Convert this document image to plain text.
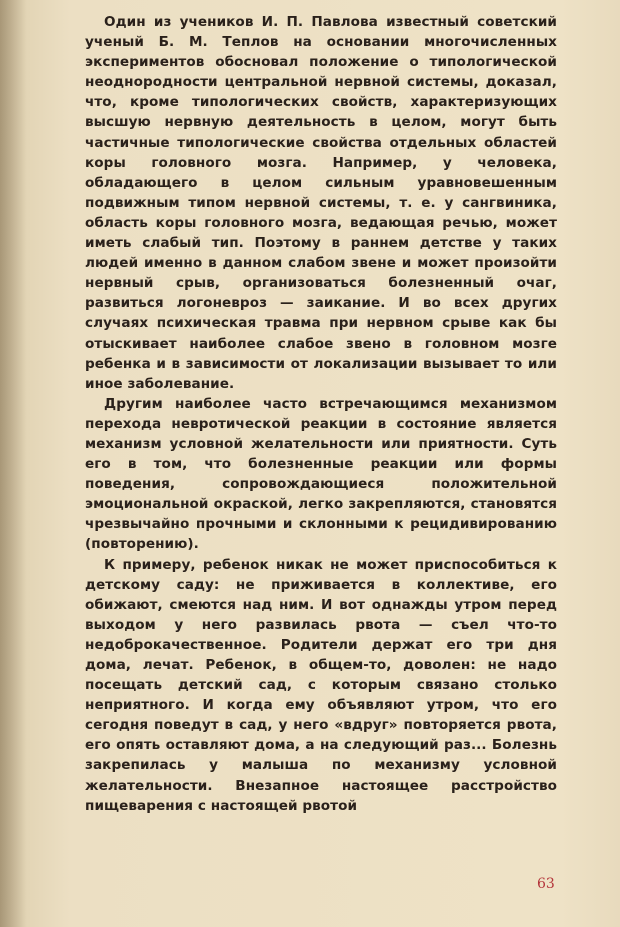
Один из учеников И. П. Павлова известный советский ученый Б. М. Теплов на основании многочисленных экспериментов обосновал положение о типологической неоднородности центральной нервной системы, доказал, что, кроме типологических свойств, характеризующих высшую нервную деятельность в целом, могут быть частичные типологические свойства отдельных областей коры головного мозга. Например, у человека, обладающего в целом сильным уравновешенным подвижным типом нервной системы, т. е. у сангвиника, область коры головного мозга, ведающая речью, может иметь слабый тип. Поэтому в раннем детстве у таких людей именно в данном слабом звене и может произойти нервный срыв, организоваться болезненный очаг, развиться логоневроз — заикание. И во всех других случаях психическая травма при нервном срыве как бы отыскивает наиболее слабое звено в головном мозге ребенка и в зависимости от локализации вызывает то или иное заболевание.

Другим наиболее часто встречающимся механизмом перехода невротической реакции в состояние является механизм условной желательности или приятности. Суть его в том, что болезненные реакции или формы поведения, сопровождающиеся положительной эмоциональной окраской, легко закрепляются, становятся чрезвычайно прочными и склонными к рецидивированию (повторению).

К примеру, ребенок никак не может приспособиться к детскому саду: не приживается в коллективе, его обижают, смеются над ним. И вот однажды утром перед выходом у него развилась рвота — съел что-то недоброкачественное. Родители держат его три дня дома, лечат. Ребенок, в общем-то, доволен: не надо посещать детский сад, с которым связано столько неприятного. И когда ему объявляют утром, что его сегодня поведут в сад, у него «вдруг» повторяется рвота, его опять оставляют дома, а на следующий раз... Болезнь закрепилась у малыша по механизму условной желательности. Внезапное настоящее расстройство пищеварения с настоящей рвотой

63
